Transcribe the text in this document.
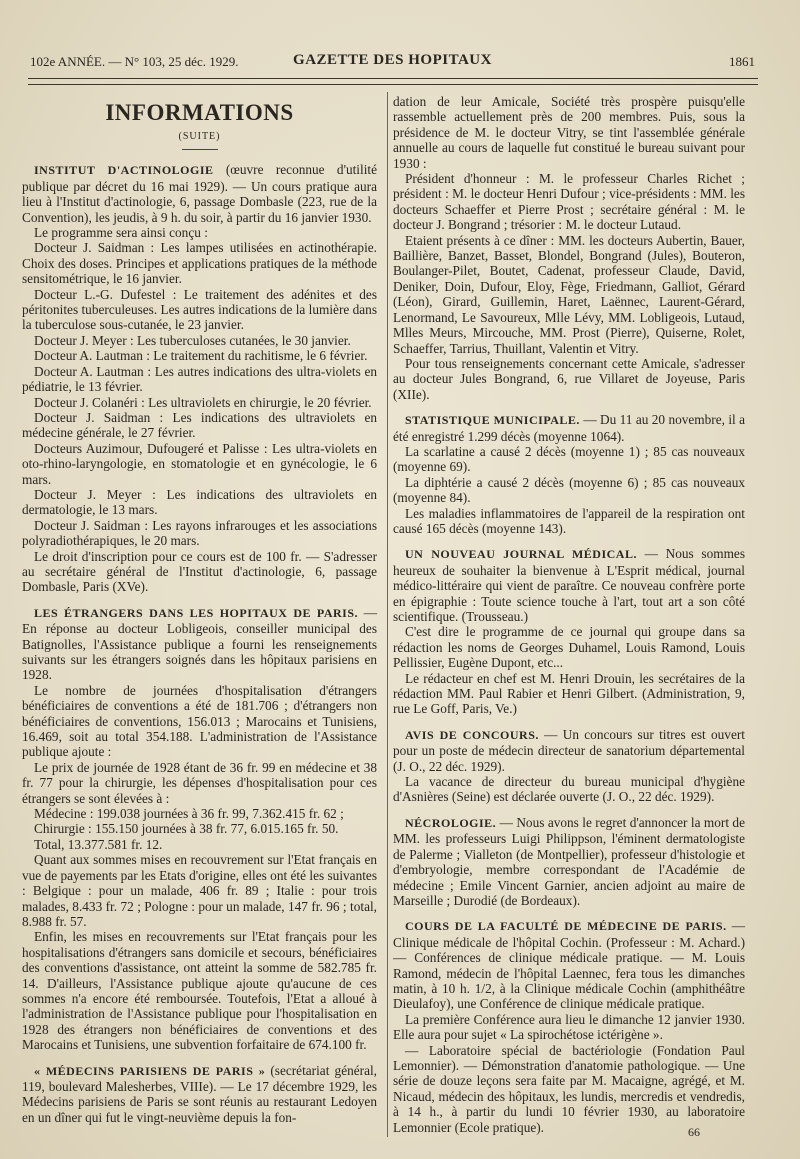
102e ANNÉE. — N° 103, 25 déc. 1929.	GAZETTE DES HOPITAUX	1861
INFORMATIONS
(SUITE)

INSTITUT D'ACTINOLOGIE (œuvre reconnue d'utilité publique par décret du 16 mai 1929). — Un cours pratique aura lieu à l'Institut d'actinologie, 6, passage Dombasle (223, rue de la Convention), les jeudis, à 9 h. du soir, à partir du 16 janvier 1930.

Le programme sera ainsi conçu :

Docteur J. Saidman : Les lampes utilisées en actinothérapie. Choix des doses. Principes et applications pratiques de la méthode sensitométrique, le 16 janvier.

Docteur L.-G. Dufestel : Le traitement des adénites et des péritonites tuberculeuses. Les autres indications de la lumière dans la tuberculose sous-cutanée, le 23 janvier.

Docteur J. Meyer : Les tuberculoses cutanées, le 30 janvier.

Docteur A. Lautman : Le traitement du rachitisme, le 6 février.

Docteur A. Lautman : Les autres indications des ultra-violets en pédiatrie, le 13 février.

Docteur J. Colanéri : Les ultraviolets en chirurgie, le 20 février.

Docteur J. Saidman : Les indications des ultraviolets en médecine générale, le 27 février.

Docteurs Auzimour, Dufougeré et Palisse : Les ultra-violets en oto-rhino-laryngologie, en stomatologie et en gynécologie, le 6 mars.

Docteur J. Meyer : Les indications des ultraviolets en dermatologie, le 13 mars.

Docteur J. Saidman : Les rayons infrarouges et les associations polyradiothérapiques, le 20 mars.

Le droit d'inscription pour ce cours est de 100 fr. — S'adresser au secrétaire général de l'Institut d'actinologie, 6, passage Dombasle, Paris (XVe).

LES ÉTRANGERS DANS LES HOPITAUX DE PARIS. — En réponse au docteur Lobligeois, conseiller municipal des Batignolles, l'Assistance publique a fourni les renseignements suivants sur les étrangers soignés dans les hôpitaux parisiens en 1928.

Le nombre de journées d'hospitalisation d'étrangers bénéficiaires de conventions a été de 181.706 ; d'étrangers non bénéficiaires de conventions, 156.013 ; Marocains et Tunisiens, 16.469, soit au total 354.188. L'administration de l'Assistance publique ajoute :

Le prix de journée de 1928 étant de 36 fr. 99 en médecine et 38 fr. 77 pour la chirurgie, les dépenses d'hospitalisation pour ces étrangers se sont élevées à :

Médecine : 199.038 journées à 36 fr. 99, 7.362.415 fr. 62 ;

Chirurgie : 155.150 journées à 38 fr. 77, 6.015.165 fr. 50.

Total, 13.377.581 fr. 12.

Quant aux sommes mises en recouvrement sur l'Etat français en vue de payements par les Etats d'origine, elles ont été les suivantes : Belgique : pour un malade, 406 fr. 89 ; Italie : pour trois malades, 8.433 fr. 72 ; Pologne : pour un malade, 147 fr. 96 ; total, 8.988 fr. 57.

Enfin, les mises en recouvrements sur l'Etat français pour les hospitalisations d'étrangers sans domicile et secours, bénéficiaires des conventions d'assistance, ont atteint la somme de 582.785 fr. 14. D'ailleurs, l'Assistance publique ajoute qu'aucune de ces sommes n'a encore été remboursée. Toutefois, l'Etat a alloué à l'administration de l'Assistance publique pour l'hospitalisation en 1928 des étrangers non bénéficiaires de conventions et des Marocains et Tunisiens, une subvention forfaitaire de 674.100 fr.

« MÉDECINS PARISIENS DE PARIS » (secrétariat général, 119, boulevard Malesherbes, VIIIe). — Le 17 décembre 1929, les Médecins parisiens de Paris se sont réunis au restaurant Ledoyen en un dîner qui fut le vingt-neuvième depuis la fon-

dation de leur Amicale, Société très prospère puisqu'elle rassemble actuellement près de 200 membres. Puis, sous la présidence de M. le docteur Vitry, se tint l'assemblée générale annuelle au cours de laquelle fut constitué le bureau suivant pour 1930 :

Président d'honneur : M. le professeur Charles Richet ; président : M. le docteur Henri Dufour ; vice-présidents : MM. les docteurs Schaeffer et Pierre Prost ; secrétaire général : M. le docteur J. Bongrand ; trésorier : M. le docteur Lutaud.

Etaient présents à ce dîner : MM. les docteurs Aubertin, Bauer, Baillière, Banzet, Basset, Blondel, Bongrand (Jules), Bouteron, Boulanger-Pilet, Boutet, Cadenat, professeur Claude, David, Deniker, Doin, Dufour, Eloy, Fège, Friedmann, Galliot, Gérard (Léon), Girard, Guillemin, Haret, Laënnec, Laurent-Gérard, Lenormand, Le Savoureux, Mlle Lévy, MM. Lobligeois, Lutaud, Mlles Meurs, Mircouche, MM. Prost (Pierre), Quiserne, Rolet, Schaeffer, Tarrius, Thuillant, Valentin et Vitry.

Pour tous renseignements concernant cette Amicale, s'adresser au docteur Jules Bongrand, 6, rue Villaret de Joyeuse, Paris (XIIe).

STATISTIQUE MUNICIPALE. — Du 11 au 20 novembre, il a été enregistré 1.299 décès (moyenne 1064).

La scarlatine a causé 2 décès (moyenne 1) ; 85 cas nouveaux (moyenne 69).

La diphtérie a causé 2 décès (moyenne 6) ; 85 cas nouveaux (moyenne 84).

Les maladies inflammatoires de l'appareil de la respiration ont causé 165 décès (moyenne 143).

UN NOUVEAU JOURNAL MÉDICAL. — Nous sommes heureux de souhaiter la bienvenue à L'Esprit médical, journal médico-littéraire qui vient de paraître. Ce nouveau confrère porte en épigraphie : Toute science touche à l'art, tout art a son côté scientifique. (Trousseau.)

C'est dire le programme de ce journal qui groupe dans sa rédaction les noms de Georges Duhamel, Louis Ramond, Louis Pellissier, Eugène Dupont, etc...

Le rédacteur en chef est M. Henri Drouin, les secrétaires de la rédaction MM. Paul Rabier et Henri Gilbert. (Administration, 9, rue Le Goff, Paris, Ve.)

AVIS DE CONCOURS. — Un concours sur titres est ouvert pour un poste de médecin directeur de sanatorium départemental (J. O., 22 déc. 1929).

La vacance de directeur du bureau municipal d'hygiène d'Asnières (Seine) est déclarée ouverte (J. O., 22 déc. 1929).

NÉCROLOGIE. — Nous avons le regret d'annoncer la mort de MM. les professeurs Luigi Philippson, l'éminent dermatologiste de Palerme ; Vialleton (de Montpellier), professeur d'histologie et d'embryologie, membre correspondant de l'Académie de médecine ; Emile Vincent Garnier, ancien adjoint au maire de Marseille ; Durodié (de Bordeaux).

COURS DE LA FACULTÉ DE MÉDECINE DE PARIS. — Clinique médicale de l'hôpital Cochin. (Professeur : M. Achard.) — Conférences de clinique médicale pratique. — M. Louis Ramond, médecin de l'hôpital Laennec, fera tous les dimanches matin, à 10 h. 1/2, à la Clinique médicale Cochin (amphithéâtre Dieulafoy), une Conférence de clinique médicale pratique.

La première Conférence aura lieu le dimanche 12 janvier 1930. Elle aura pour sujet « La spirochétose ictérigène ».

— Laboratoire spécial de bactériologie (Fondation Paul Lemonnier). — Démonstration d'anatomie pathologique. — Une série de douze leçons sera faite par M. Macaigne, agrégé, et M. Nicaud, médecin des hôpitaux, les lundis, mercredis et vendredis, à 14 h., à partir du lundi 10 février 1930, au laboratoire Lemonnier (Ecole pratique).	66
